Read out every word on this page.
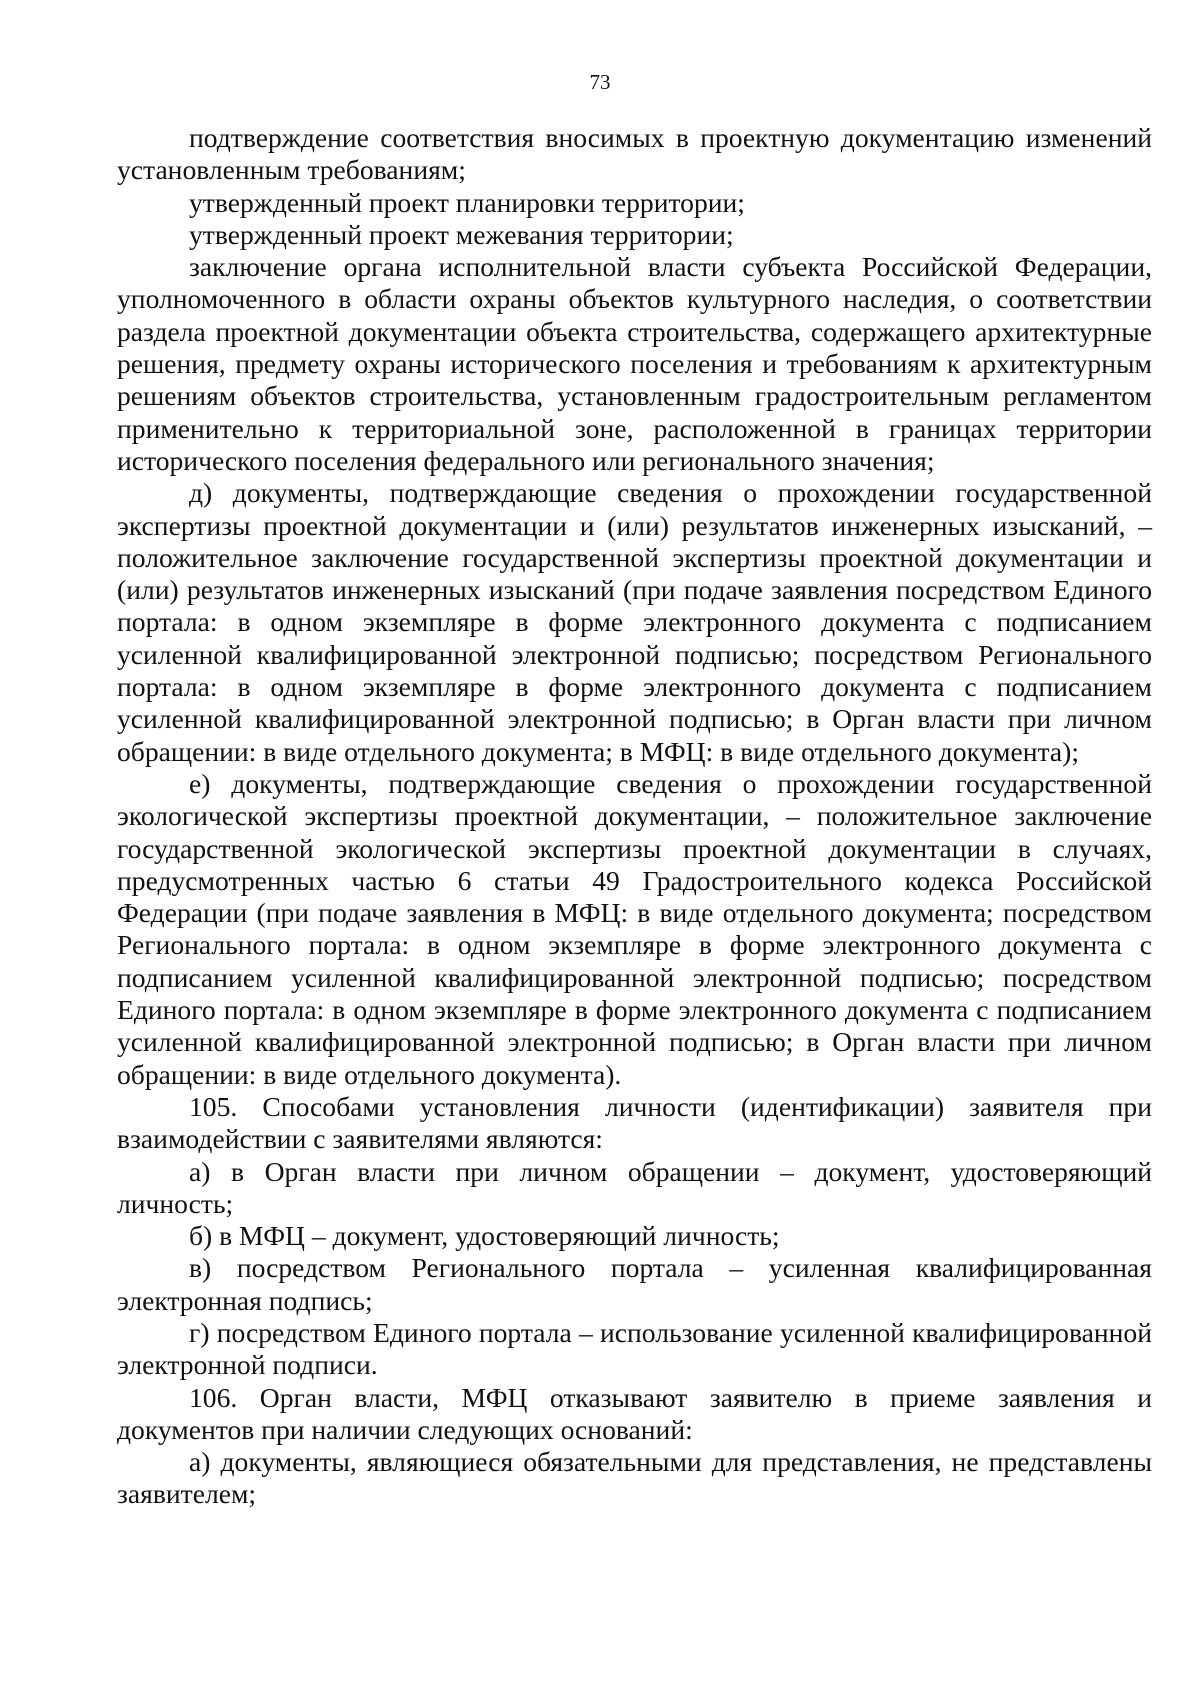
73

подтверждение соответствия вносимых в проектную документацию изменений установленным требованиям;

утвержденный проект планировки территории;

утвержденный проект межевания территории;

заключение органа исполнительной власти субъекта Российской Федерации, уполномоченного в области охраны объектов культурного наследия, о соответствии раздела проектной документации объекта строительства, содержащего архитектурные решения, предмету охраны исторического поселения и требованиям к архитектурным решениям объектов строительства, установленным градостроительным регламентом применительно к территориальной зоне, расположенной в границах территории исторического поселения федерального или регионального значения;

д) документы, подтверждающие сведения о прохождении государственной экспертизы проектной документации и (или) результатов инженерных изысканий, – положительное заключение государственной экспертизы проектной документации и (или) результатов инженерных изысканий (при подаче заявления посредством Единого портала: в одном экземпляре в форме электронного документа с подписанием усиленной квалифицированной электронной подписью; посредством Регионального портала: в одном экземпляре в форме электронного документа с подписанием усиленной квалифицированной электронной подписью; в Орган власти при личном обращении: в виде отдельного документа; в МФЦ: в виде отдельного документа);

е) документы, подтверждающие сведения о прохождении государственной экологической экспертизы проектной документации, – положительное заключение государственной экологической экспертизы проектной документации в случаях, предусмотренных частью 6 статьи 49 Градостроительного кодекса Российской Федерации (при подаче заявления в МФЦ: в виде отдельного документа; посредством Регионального портала: в одном экземпляре в форме электронного документа с подписанием усиленной квалифицированной электронной подписью; посредством Единого портала: в одном экземпляре в форме электронного документа с подписанием усиленной квалифицированной электронной подписью; в Орган власти при личном обращении: в виде отдельного документа).

105. Способами установления личности (идентификации) заявителя при взаимодействии с заявителями являются:

а) в Орган власти при личном обращении – документ, удостоверяющий личность;

б) в МФЦ – документ, удостоверяющий личность;

в) посредством Регионального портала – усиленная квалифицированная электронная подпись;

г) посредством Единого портала – использование усиленной квалифицированной электронной подписи.

106. Орган власти, МФЦ отказывают заявителю в приеме заявления и документов при наличии следующих оснований:

а) документы, являющиеся обязательными для представления, не представлены заявителем;
